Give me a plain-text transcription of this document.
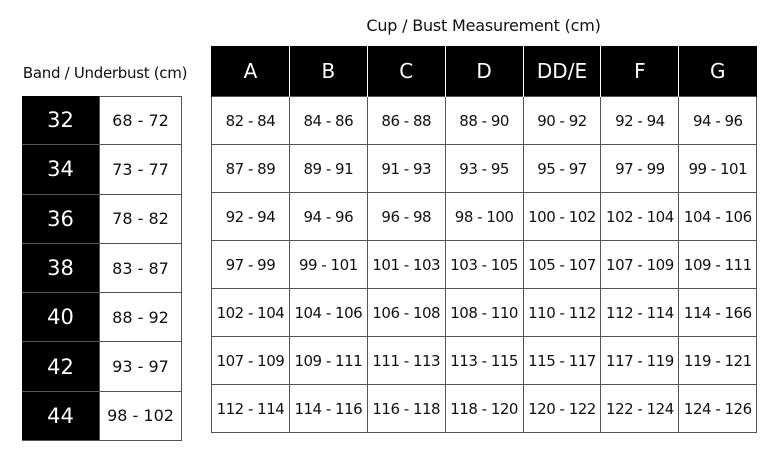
Cup / Bust Measurement (cm)
Band / Underbust (cm)
32	68 - 72
34	73 - 77
36	78 - 82
38	83 - 87
40	88 - 92
42	93 - 97
44	98 - 102
A	B	C	D	DD/E	F	G
82 - 84	84 - 86	86 - 88	88 - 90	90 - 92	92 - 94	94 - 96
87 - 89	89 - 91	91 - 93	93 - 95	95 - 97	97 - 99	99 - 101
92 - 94	94 - 96	96 - 98	98 - 100	100 - 102	102 - 104	104 - 106
97 - 99	99 - 101	101 - 103	103 - 105	105 - 107	107 - 109	109 - 111
102 - 104	104 - 106	106 - 108	108 - 110	110 - 112	112 - 114	114 - 166
107 - 109	109 - 111	111 - 113	113 - 115	115 - 117	117 - 119	119 - 121
112 - 114	114 - 116	116 - 118	118 - 120	120 - 122	122 - 124	124 - 126
